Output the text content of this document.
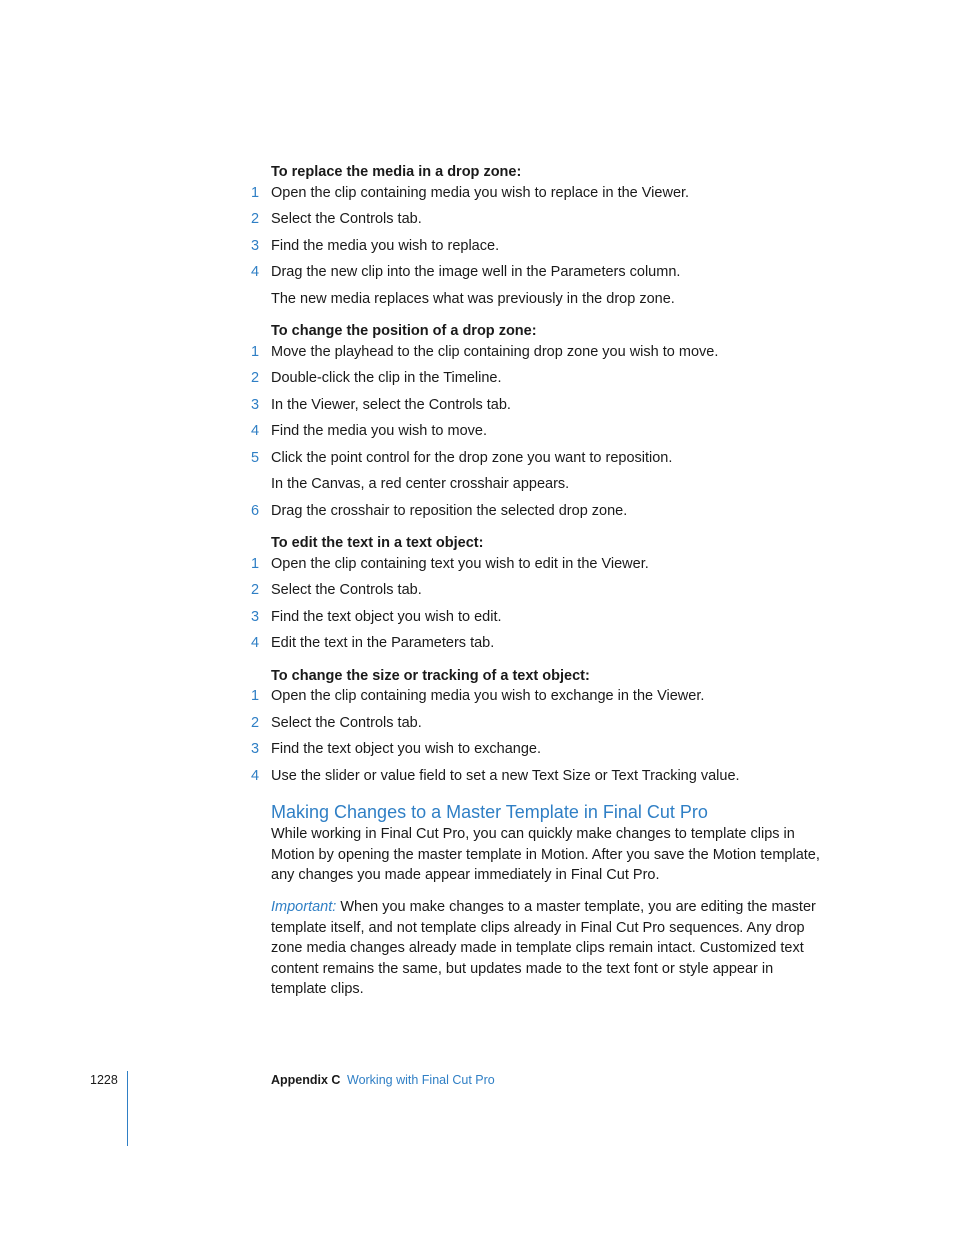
To replace the media in a drop zone:
1 Open the clip containing media you wish to replace in the Viewer.
2 Select the Controls tab.
3 Find the media you wish to replace.
4 Drag the new clip into the image well in the Parameters column.
The new media replaces what was previously in the drop zone.
To change the position of a drop zone:
1 Move the playhead to the clip containing drop zone you wish to move.
2 Double-click the clip in the Timeline.
3 In the Viewer, select the Controls tab.
4 Find the media you wish to move.
5 Click the point control for the drop zone you want to reposition.
In the Canvas, a red center crosshair appears.
6 Drag the crosshair to reposition the selected drop zone.
To edit the text in a text object:
1 Open the clip containing text you wish to edit in the Viewer.
2 Select the Controls tab.
3 Find the text object you wish to edit.
4 Edit the text in the Parameters tab.
To change the size or tracking of a text object:
1 Open the clip containing media you wish to exchange in the Viewer.
2 Select the Controls tab.
3 Find the text object you wish to exchange.
4 Use the slider or value field to set a new Text Size or Text Tracking value.
Making Changes to a Master Template in Final Cut Pro
While working in Final Cut Pro, you can quickly make changes to template clips in Motion by opening the master template in Motion. After you save the Motion template, any changes you made appear immediately in Final Cut Pro.
Important: When you make changes to a master template, you are editing the master template itself, and not template clips already in Final Cut Pro sequences. Any drop zone media changes already made in template clips remain intact. Customized text content remains the same, but updates made to the text font or style appear in template clips.
1228	Appendix C Working with Final Cut Pro
